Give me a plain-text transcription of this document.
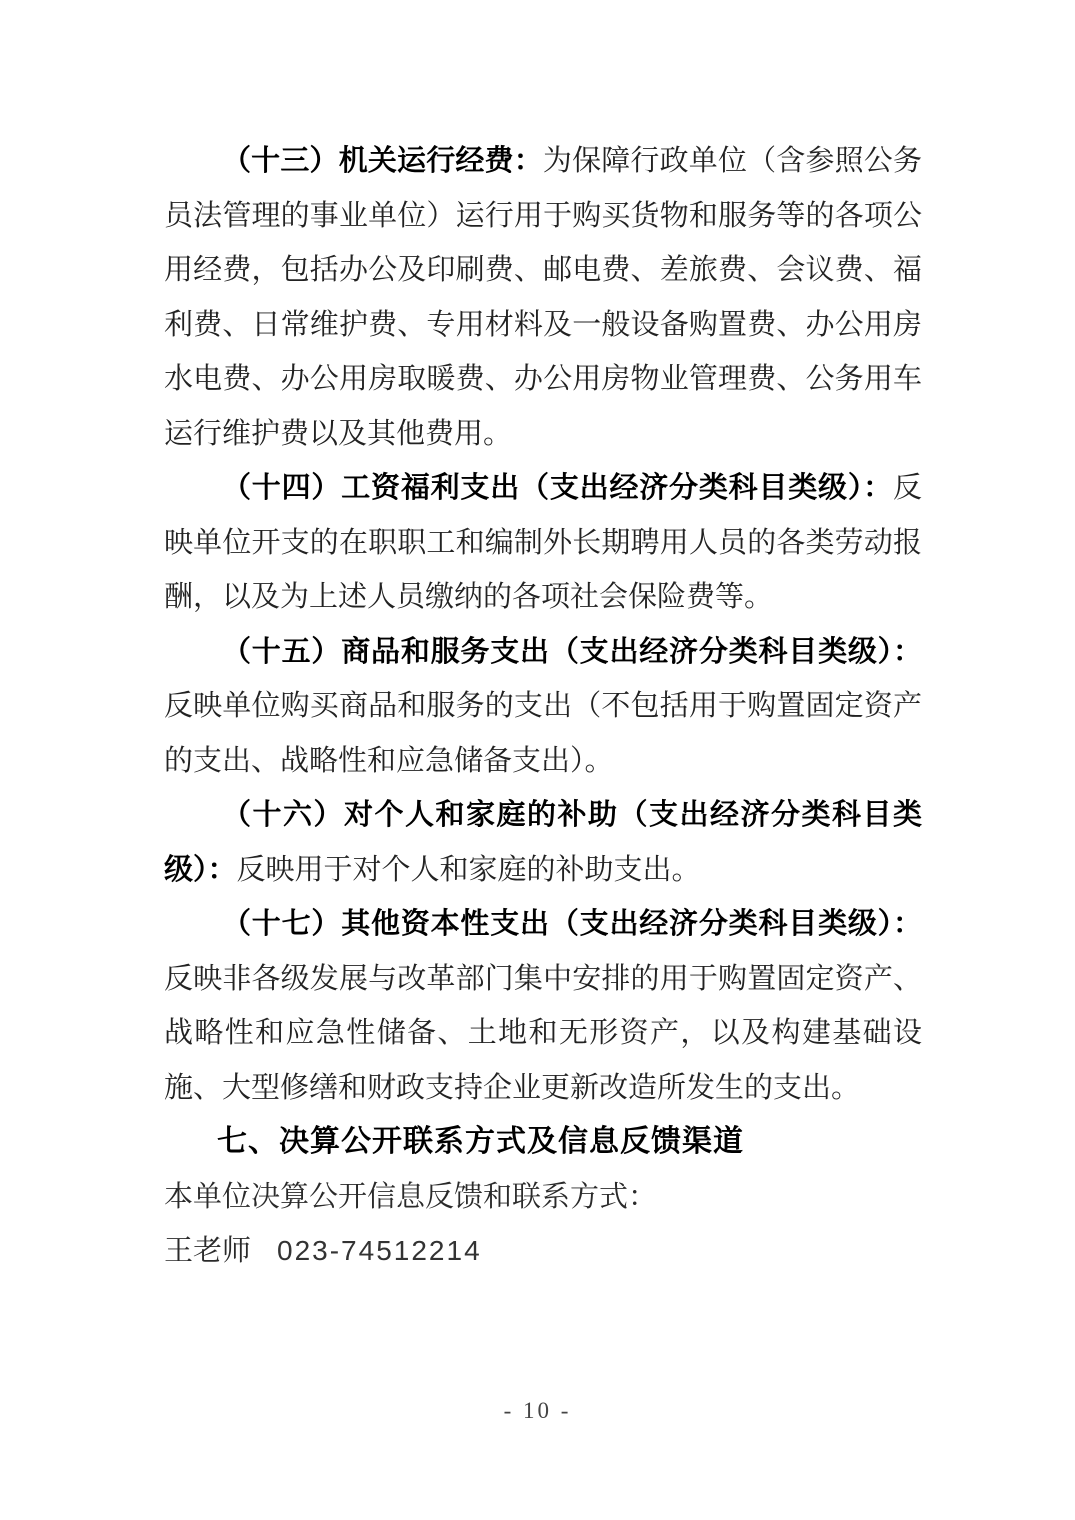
（十三）机关运行经费：为保障行政单位（含参照公务员法管理的事业单位）运行用于购买货物和服务等的各项公用经费，包括办公及印刷费、邮电费、差旅费、会议费、福利费、日常维护费、专用材料及一般设备购置费、办公用房水电费、办公用房取暖费、办公用房物业管理费、公务用车运行维护费以及其他费用。

（十四）工资福利支出（支出经济分类科目类级）：反映单位开支的在职职工和编制外长期聘用人员的各类劳动报酬，以及为上述人员缴纳的各项社会保险费等。

（十五）商品和服务支出（支出经济分类科目类级）：反映单位购买商品和服务的支出（不包括用于购置固定资产的支出、战略性和应急储备支出）。

（十六）对个人和家庭的补助（支出经济分类科目类级）：反映用于对个人和家庭的补助支出。

（十七）其他资本性支出（支出经济分类科目类级）：反映非各级发展与改革部门集中安排的用于购置固定资产、战略性和应急性储备、土地和无形资产，以及构建基础设施、大型修缮和财政支持企业更新改造所发生的支出。

七、决算公开联系方式及信息反馈渠道

本单位决算公开信息反馈和联系方式：

王老师 023-74512214

- 10 -
